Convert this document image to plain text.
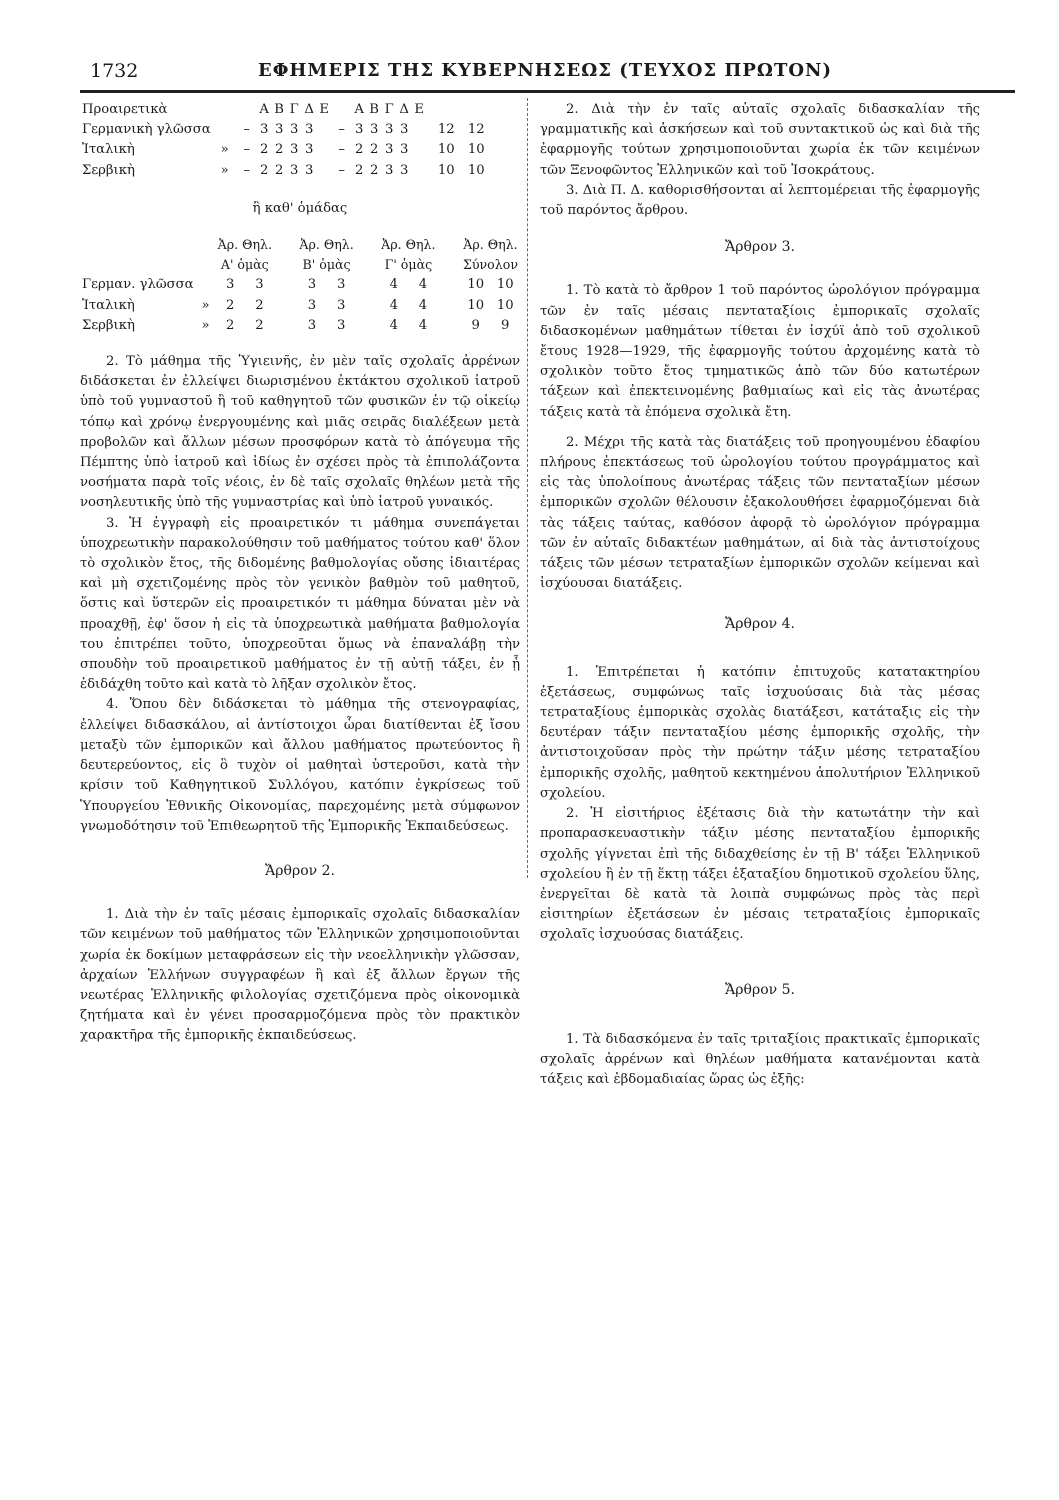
1732	ΕΦΗΜΕΡΙΣ ΤΗΣ ΚΥΒΕΡΝΗΣΕΩΣ (ΤΕΥΧΟΣ ΠΡΩΤΟΝ)
Προαιρετικὰ			Α	Β	Γ	Δ	Ε		Α	Β	Γ	Δ	Ε		
Γερμανικὴ γλῶσσα		–	3	3	3	3		–	3	3	3	3		12	12
Ἰταλικὴ	»	–	2	2	3	3		–	2	2	3	3		10	10
Σερβικὴ	»	–	2	2	3	3		–	2	2	3	3		10	10

ἢ καθ' ὁμάδας

		Ἀρ. Θηλ.			Ἀρ. Θηλ.			Ἀρ. Θηλ.			Ἀρ. Θηλ.	
		Α' ὁμὰς			Β' ὁμὰς			Γ' ὁμὰς			Σύνολον	
Γερμαν. γλῶσσα		3	3		3	3		4	4		10	10
Ἰταλικὴ	»	2	2		3	3		4	4		10	10
Σερβικὴ	»	2	2		3	3		4	4		9	9

2. Τὸ μάθημα τῆς Ὑγιεινῆς, ἐν μὲν ταῖς σχολαῖς ἀρρένων διδάσκεται ἐν ἐλλείψει διωρισμένου ἐκτάκτου σχολικοῦ ἰατροῦ ὑπὸ τοῦ γυμναστοῦ ἢ τοῦ καθηγητοῦ τῶν φυσικῶν ἐν τῷ οἰκείῳ τόπῳ καὶ χρόνῳ ἐνεργουμένης καὶ μιᾶς σειρᾶς διαλέξεων μετὰ προβολῶν καὶ ἄλλων μέσων προσφόρων κατὰ τὸ ἀπόγευμα τῆς Πέμπτης ὑπὸ ἰατροῦ καὶ ἰδίως ἐν σχέσει πρὸς τὰ ἐπιπολάζοντα νοσήματα παρὰ τοῖς νέοις, ἐν δὲ ταῖς σχολαῖς θηλέων μετὰ τῆς νοσηλευτικῆς ὑπὸ τῆς γυμναστρίας καὶ ὑπὸ ἰατροῦ γυναικός.

3. Ἡ ἐγγραφὴ εἰς προαιρετικόν τι μάθημα συνεπάγεται ὑποχρεωτικὴν παρακολούθησιν τοῦ μαθήματος τούτου καθ' ὅλον τὸ σχολικὸν ἔτος, τῆς διδομένης βαθμολογίας οὔσης ἰδιαιτέρας καὶ μὴ σχετιζομένης πρὸς τὸν γενικὸν βαθμὸν τοῦ μαθητοῦ, ὅστις καὶ ὕστερῶν εἰς προαιρετικόν τι μάθημα δύναται μὲν νὰ προαχθῇ, ἐφ' ὅσον ἡ εἰς τὰ ὑποχρεωτικὰ μαθήματα βαθμολογία του ἐπιτρέπει τοῦτο, ὑποχρεοῦται ὅμως νὰ ἐπαναλάβῃ τὴν σπουδὴν τοῦ προαιρετικοῦ μαθήματος ἐν τῇ αὐτῇ τάξει, ἐν ᾗ ἐδιδάχθη τοῦτο καὶ κατὰ τὸ λῆξαν σχολικὸν ἔτος.

4. Ὅπου δὲν διδάσκεται τὸ μάθημα τῆς στενογραφίας, ἐλλείψει διδασκάλου, αἱ ἀντίστοιχοι ὧραι διατίθενται ἐξ ἴσου μεταξὺ τῶν ἐμπορικῶν καὶ ἄλλου μαθήματος πρωτεύοντος ἢ δευτερεύοντος, εἰς ὃ τυχὸν οἱ μαθηταὶ ὑστεροῦσι, κατὰ τὴν κρίσιν τοῦ Καθηγητικοῦ Συλλόγου, κατόπιν ἐγκρίσεως τοῦ Ὑπουργείου Ἐθνικῆς Οἰκονομίας, παρεχομένης μετὰ σύμφωνον γνωμοδότησιν τοῦ Ἐπιθεωρητοῦ τῆς Ἐμπορικῆς Ἐκπαιδεύσεως.

Ἄρθρον 2.

1. Διὰ τὴν ἐν ταῖς μέσαις ἐμπορικαῖς σχολαῖς διδασκαλίαν τῶν κειμένων τοῦ μαθήματος τῶν Ἑλληνικῶν χρησιμοποιοῦνται χωρία ἐκ δοκίμων μεταφράσεων εἰς τὴν νεοελληνικὴν γλῶσσαν, ἀρχαίων Ἑλλήνων συγγραφέων ἢ καὶ ἐξ ἄλλων ἔργων τῆς νεωτέρας Ἑλληνικῆς φιλολογίας σχετιζόμενα πρὸς οἰκονομικὰ ζητήματα καὶ ἐν γένει προσαρμοζόμενα πρὸς τὸν πρακτικὸν χαρακτῆρα τῆς ἐμπορικῆς ἐκπαιδεύσεως.

2. Διὰ τὴν ἐν ταῖς αὐταῖς σχολαῖς διδασκαλίαν τῆς γραμματικῆς καὶ ἀσκήσεων καὶ τοῦ συντακτικοῦ ὡς καὶ διὰ τῆς ἐφαρμογῆς τούτων χρησιμοποιοῦνται χωρία ἐκ τῶν κειμένων τῶν Ξενοφῶντος Ἑλληνικῶν καὶ τοῦ Ἰσοκράτους.

3. Διὰ Π. Δ. καθορισθήσονται αἱ λεπτομέρειαι τῆς ἐφαρμογῆς τοῦ παρόντος ἄρθρου.

Ἄρθρον 3.

1. Τὸ κατὰ τὸ ἄρθρον 1 τοῦ παρόντος ὡρολόγιον πρόγραμμα τῶν ἐν ταῖς μέσαις πενταταξίοις ἐμπορικαῖς σχολαῖς διδασκομένων μαθημάτων τίθεται ἐν ἰσχύϊ ἀπὸ τοῦ σχολικοῦ ἔτους 1928—1929, τῆς ἐφαρμογῆς τούτου ἀρχομένης κατὰ τὸ σχολικὸν τοῦτο ἔτος τμηματικῶς ἀπὸ τῶν δύο κατωτέρων τάξεων καὶ ἐπεκτεινομένης βαθμιαίως καὶ εἰς τὰς ἀνωτέρας τάξεις κατὰ τὰ ἑπόμενα σχολικὰ ἔτη.

2. Μέχρι τῆς κατὰ τὰς διατάξεις τοῦ προηγουμένου ἐδαφίου πλήρους ἐπεκτάσεως τοῦ ὡρολογίου τούτου προγράμματος καὶ εἰς τὰς ὑπολοίπους ἀνωτέρας τάξεις τῶν πενταταξίων μέσων ἐμπορικῶν σχολῶν θέλουσιν ἐξακολουθήσει ἐφαρμοζόμεναι διὰ τὰς τάξεις ταύτας, καθόσον ἀφορᾷ τὸ ὡρολόγιον πρόγραμμα τῶν ἐν αὐταῖς διδακτέων μαθημάτων, αἱ διὰ τὰς ἀντιστοίχους τάξεις τῶν μέσων τετραταξίων ἐμπορικῶν σχολῶν κείμεναι καὶ ἰσχύουσαι διατάξεις.

Ἄρθρον 4.

1. Ἐπιτρέπεται ἡ κατόπιν ἐπιτυχοῦς κατατακτηρίου ἐξετάσεως, συμφώνως ταῖς ἰσχυούσαις διὰ τὰς μέσας τετραταξίους ἐμπορικὰς σχολὰς διατάξεσι, κατάταξις εἰς τὴν δευτέραν τάξιν πενταταξίου μέσης ἐμπορικῆς σχολῆς, τὴν ἀντιστοιχοῦσαν πρὸς τὴν πρώτην τάξιν μέσης τετραταξίου ἐμπορικῆς σχολῆς, μαθητοῦ κεκτημένου ἀπολυτήριον Ἑλληνικοῦ σχολείου.

2. Ἡ εἰσιτήριος ἐξέτασις διὰ τὴν κατωτάτην τὴν καὶ προπαρασκευαστικὴν τάξιν μέσης πενταταξίου ἐμπορικῆς σχολῆς γίγνεται ἐπὶ τῆς διδαχθείσης ἐν τῇ Β' τάξει Ἑλληνικοῦ σχολείου ἢ ἐν τῇ ἕκτῃ τάξει ἑξαταξίου δημοτικοῦ σχολείου ὕλης, ἐνεργεῖται δὲ κατὰ τὰ λοιπὰ συμφώνως πρὸς τὰς περὶ εἰσιτηρίων ἐξετάσεων ἐν μέσαις τετραταξίοις ἐμπορικαῖς σχολαῖς ἰσχυούσας διατάξεις.

Ἄρθρον 5.

1. Τὰ διδασκόμενα ἐν ταῖς τριταξίοις πρακτικαῖς ἐμπορικαῖς σχολαῖς ἀρρένων καὶ θηλέων μαθήματα κατανέμονται κατὰ τάξεις καὶ ἑβδομαδιαίας ὥρας ὡς ἑξῆς:
